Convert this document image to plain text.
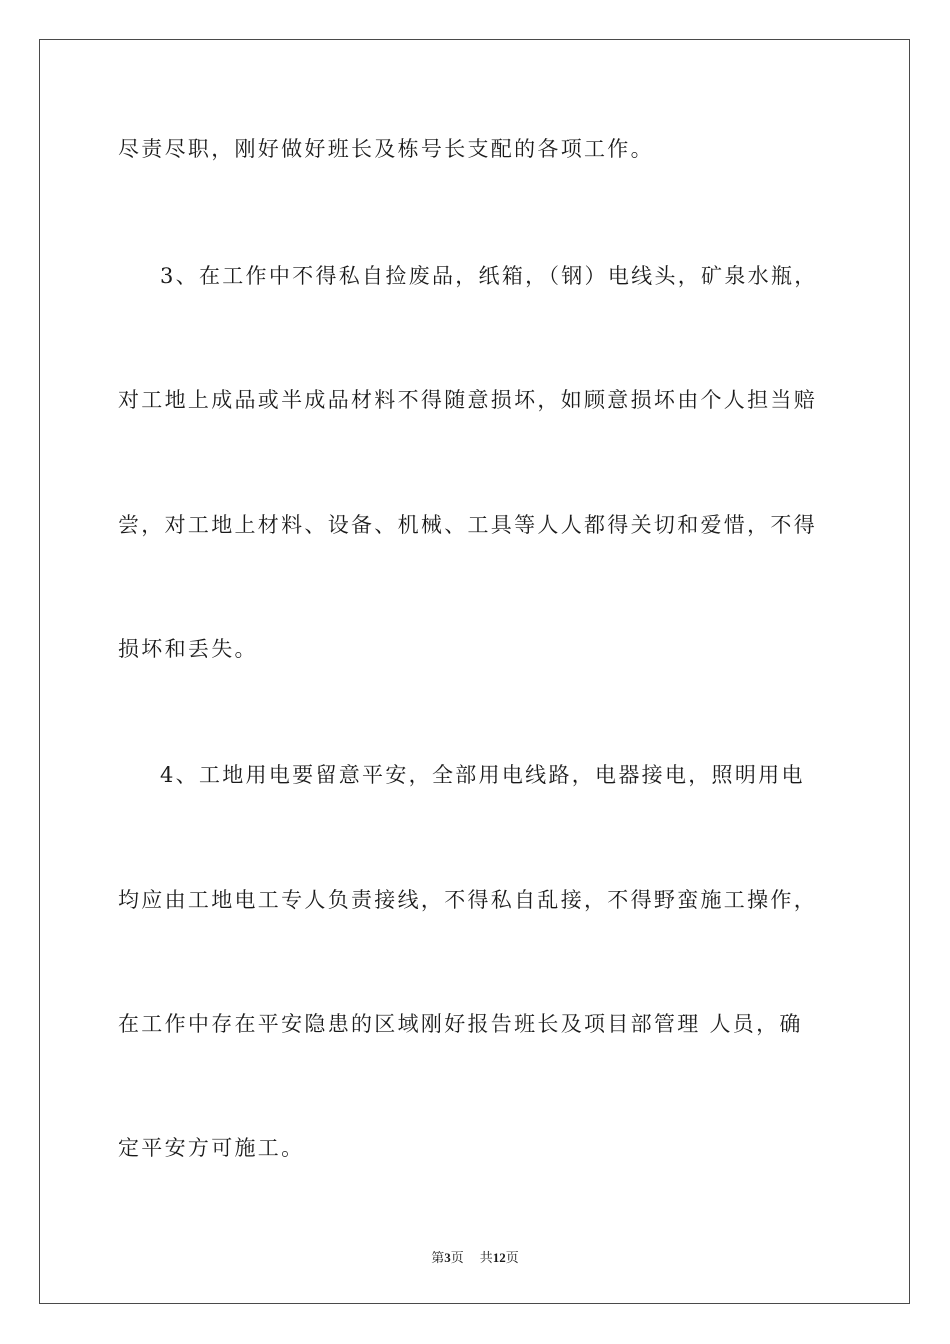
尽责尽职，刚好做好班长及栋号长支配的各项工作。
3、在工作中不得私自捡废品，纸箱，（钢）电线头，矿泉水瓶，
对工地上成品或半成品材料不得随意损坏，如顾意损坏由个人担当赔
尝，对工地上材料、设备、机械、工具等人人都得关切和爱惜，不得
损坏和丢失。
4、工地用电要留意平安，全部用电线路，电器接电，照明用电
均应由工地电工专人负责接线，不得私自乱接，不得野蛮施工操作，
在工作中存在平安隐患的区域刚好报告班长及项目部管理 人员，确
定平安方可施工。
第3页 共12页
